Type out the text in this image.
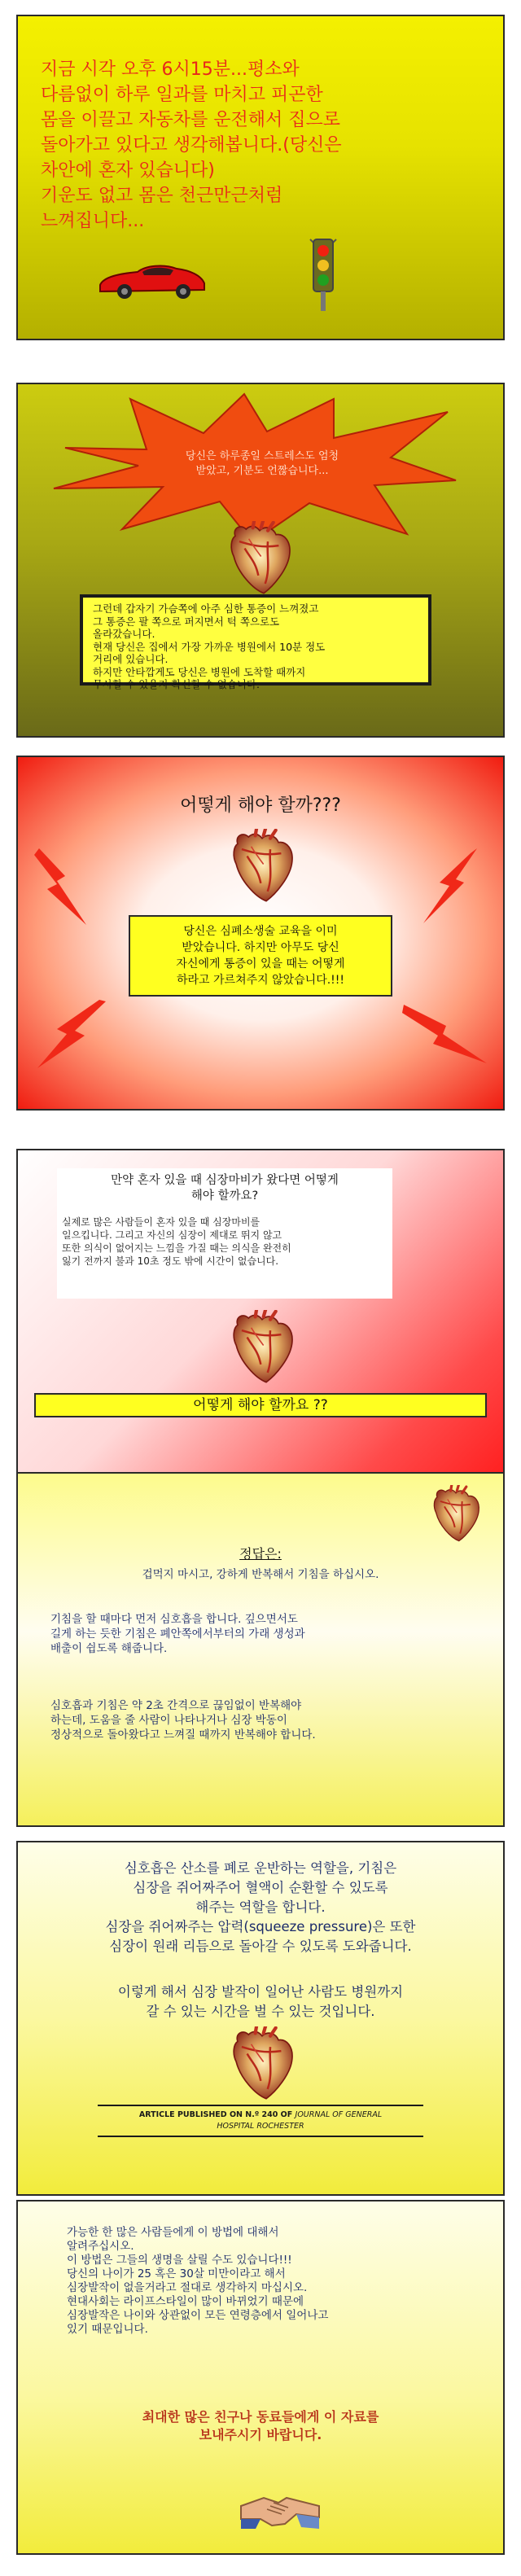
지금 시각 오후 6시15분...평소와
다름없이 하루 일과를 마치고 피곤한
몸을 이끌고 자동차를 운전해서 집으로
돌아가고 있다고 생각해봅니다.(당신은
차안에 혼자 있습니다)
기운도 없고 몸은 천근만근처럼
느껴집니다...
당신은 하루종일 스트레스도 엄청
받았고, 기분도 언짢습니다...
그런데 갑자기 가슴쪽에 아주 심한 통증이 느껴졌고
그 통증은 팔 쪽으로 퍼지면서 턱 쪽으로도
올라갔습니다.
현재 당신은 집에서 가장 가까운 병원에서 10분 정도
거리에 있습니다.
하지만 안타깝게도 당신은 병원에 도착할 때까지
무사할 수 있을지 확신할 수 없습니다.
어떻게 해야 할까???
당신은 심폐소생술 교육을 이미
받았습니다. 하지만 아무도 당신
자신에게 통증이 있을 때는 어떻게
하라고 가르쳐주지 않았습니다.!!!
만약 혼자 있을 때 심장마비가 왔다면 어떻게
해야 할까요?
실제로 많은 사람들이 혼자 있을 때 심장마비를
일으킵니다. 그리고 자신의 심장이 제대로 뛰지 않고
또한 의식이 없어지는 느낌을 가질 때는 의식을 완전히
잃기 전까지 불과 10초 정도 밖에 시간이 없습니다.
어떻게 해야 할까요 ??
정답은:
겁먹지 마시고, 강하게 반복해서 기침을 하십시오.
기침을 할 때마다 먼저 심호흡을 합니다. 깊으면서도
길게 하는 듯한 기침은 폐안쪽에서부터의 가래 생성과
배출이 쉽도록 해줍니다.
심호흡과 기침은 약 2초 간격으로 끊임없이 반복해야
하는데, 도움을 줄 사람이 나타나거나 심장 박동이
정상적으로 돌아왔다고 느껴질 때까지 반복해야 합니다.
심호흡은 산소를 폐로 운반하는 역할을, 기침은
심장을 쥐어짜주어 혈액이 순환할 수 있도록
해주는 역할을 합니다.
심장을 쥐어짜주는 압력(squeeze pressure)은 또한
심장이 원래 리듬으로 돌아갈 수 있도록 도와줍니다.
이렇게 해서 심장 발작이 일어난 사람도 병원까지
갈 수 있는 시간을 벌 수 있는 것입니다.
ARTICLE PUBLISHED ON N.º 240 OF JOURNAL OF GENERAL
HOSPITAL ROCHESTER
가능한 한 많은 사람들에게 이 방법에 대해서
알려주십시오.
이 방법은 그들의 생명을 살릴 수도 있습니다!!!
당신의 나이가 25 혹은 30살 미만이라고 해서
심장발작이 없을거라고 절대로 생각하지 마십시오.
현대사회는 라이프스타일이 많이 바뀌었기 때문에
심장발작은 나이와 상관없이 모든 연령층에서 일어나고
있기 때문입니다.
최대한 많은 친구나 동료들에게 이 자료를
보내주시기 바랍니다.
